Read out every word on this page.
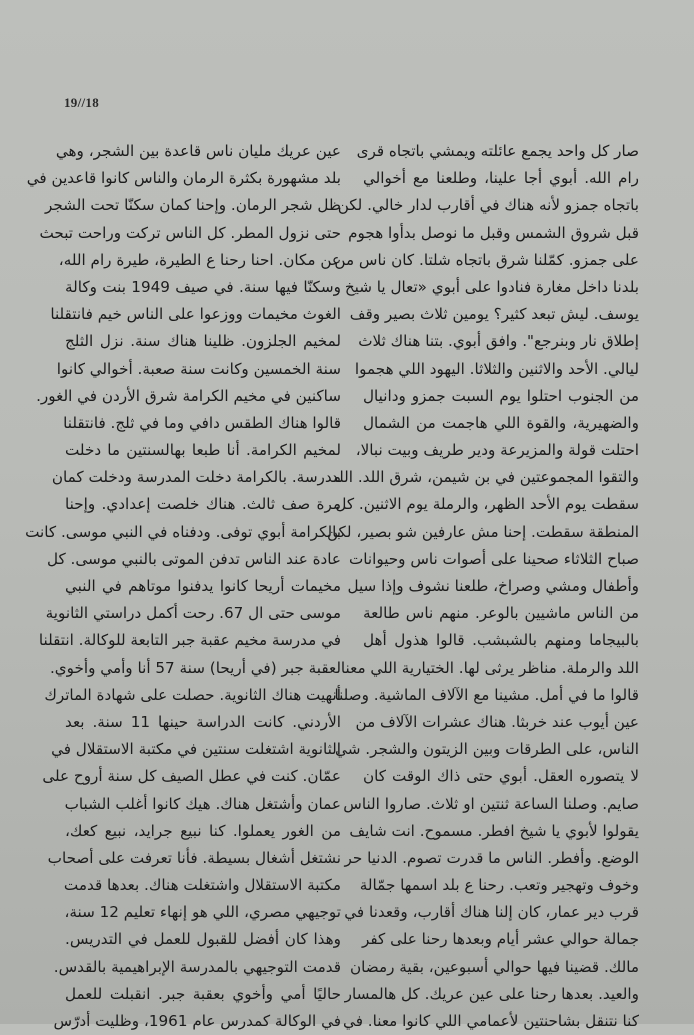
19//18
صار كل واحد يجمع عائلته ويمشي باتجاه قرى
رام الله. أبوي أجا علينا، وطلعنا مع أخوالي
باتجاه جمزو لأنه هناك في أقارب لدار خالي. لكن
قبل شروق الشمس وقبل ما نوصل بدأوا هجوم
على جمزو. كمّلنا شرق باتجاه شلتا. كان ناس من
بلدنا داخل مغارة فنادوا على أبوي «تعال يا شيخ
يوسف. ليش تبعد كثير؟ يومين ثلاث بصير وقف
إطلاق نار وبنرجع". وافق أبوي. بتنا هناك ثلاث
ليالي. الأحد والاثنين والثلاثا. اليهود اللي هجموا
من الجنوب احتلوا يوم السبت جمزو ودانيال
والضهيرية، والقوة اللي هاجمت من الشمال
احتلت قولة والمزيرعة ودير طريف وبيت نبالا،
والتقوا المجموعتين في بن شيمن، شرق اللد. اللد
سقطت يوم الأحد الظهر، والرملة يوم الاثنين. كل
المنطقة سقطت. إحنا مش عارفين شو بصير، لكن
صباح الثلاثاء صحينا على أصوات ناس وحيوانات
وأطفال ومشي وصراخ، طلعنا نشوف وإذا سيل
من الناس ماشيين بالوعر. منهم ناس طالعة
بالبيجاما ومنهم بالشبشب. قالوا هذول أهل
اللد والرملة. مناظر يرثى لها. الختيارية اللي معنا
قالوا ما في أمل. مشينا مع الآلاف الماشية. وصلنا
عين أيوب عند خربثا. هناك عشرات الآلاف من
الناس، على الطرقات وبين الزيتون والشجر. شي
لا يتصوره العقل. أبوي حتى ذاك الوقت كان
صايم. وصلنا الساعة ثنتين او ثلاث. صاروا الناس
يقولوا لأبوي يا شيخ افطر. مسموح. انت شايف
الوضع. وأفطر. الناس ما قدرت تصوم. الدنيا حر
وخوف وتهجير وتعب. رحنا ع بلد اسمها جمّالة
قرب دير عمار، كان إلنا هناك أقارب، وقعدنا في
جمالة حوالي عشر أيام وبعدها رحنا على كفر
مالك. قضينا فيها حوالي أسبوعين، بقية رمضان
والعيد. بعدها رحنا على عين عريك. كل هالمسار
كنا نتنقل بشاحنتين لأعمامي اللي كانوا معنا. في
عين عريك مليان ناس قاعدة بين الشجر، وهي
بلد مشهورة بكثرة الرمان والناس كانوا قاعدين في
ظل شجر الرمان. وإحنا كمان سكنّا تحت الشجر
حتى نزول المطر. كل الناس تركت وراحت تبحث
عن مكان. احنا رحنا ع الطيرة، طيرة رام الله،
وسكنّا فيها سنة. في صيف 1949 بنت وكالة
الغوث مخيمات ووزعوا على الناس خيم فانتقلنا
لمخيم الجلزون. ظلينا هناك سنة. نزل الثلج
سنة الخمسين وكانت سنة صعبة. أخوالي كانوا
ساكنين في مخيم الكرامة شرق الأردن في الغور.
قالوا هناك الطقس دافي وما في ثلج. فانتقلنا
لمخيم الكرامة. أنا طبعا بهالسنتين ما دخلت
مدرسة. بالكرامة دخلت المدرسة ودخلت كمان
مرة صف ثالث. هناك خلصت إعدادي. وإحنا
بالكرامة أبوي توفى. ودفناه في النبي موسى. كانت
عادة عند الناس تدفن الموتى بالنبي موسى. كل
مخيمات أريحا كانوا يدفنوا موتاهم في النبي
موسى حتى ال 67. رحت أكمل دراستي الثانوية
في مدرسة مخيم عقبة جبر التابعة للوكالة. انتقلنا
لعقبة جبر (في أريحا) سنة 57 أنا وأمي وأخوي.
أنهيت هناك الثانوية. حصلت على شهادة الماترك
الأردني. كانت الدراسة حينها 11 سنة. بعد
الثانوية اشتغلت سنتين في مكتبة الاستقلال في
عمّان. كنت في عطل الصيف كل سنة أروح على
عمان وأشتغل هناك. هيك كانوا أغلب الشباب
من الغور يعملوا. كنا نبيع جرايد، نبيع كعك،
نشتغل أشغال بسيطة. فأنا تعرفت على أصحاب
مكتبة الاستقلال واشتغلت هناك. بعدها قدمت
توجيهي مصري، اللي هو إنهاء تعليم 12 سنة،
وهذا كان أفضل للقبول للعمل في التدريس.
قدمت التوجيهي بالمدرسة الإبراهيمية بالقدس.
حاليًا أمي وأخوي بعقبة جبر. انقبلت للعمل
في الوكالة كمدرس عام 1961، وظليت أدرّس
